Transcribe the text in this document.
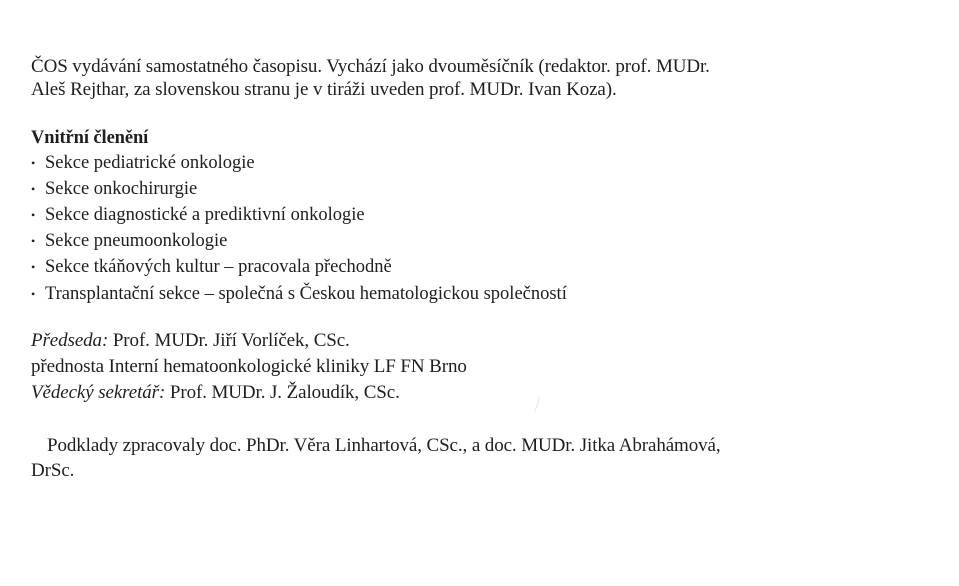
ČOS vydávání samostatného časopisu. Vychází jako dvouměsíčník (redaktor. prof. MUDr.
Aleš Rejthar, za slovenskou stranu je v tiráži uveden prof. MUDr. Ivan Koza).
Vnitřní členění
• Sekce pediatrické onkologie
• Sekce onkochirurgie
• Sekce diagnostické a prediktivní onkologie
• Sekce pneumoonkologie
• Sekce tkáňových kultur – pracovala přechodně
• Transplantační sekce – společná s Českou hematologickou společností
Předseda: Prof. MUDr. Jiří Vorlíček, CSc.
přednosta Interní hematoonkologické kliniky LF FN Brno
Vědecký sekretář: Prof. MUDr. J. Žaloudík, CSc.
Podklady zpracovaly doc. PhDr. Věra Linhartová, CSc., a doc. MUDr. Jitka Abrahámová,
DrSc.
